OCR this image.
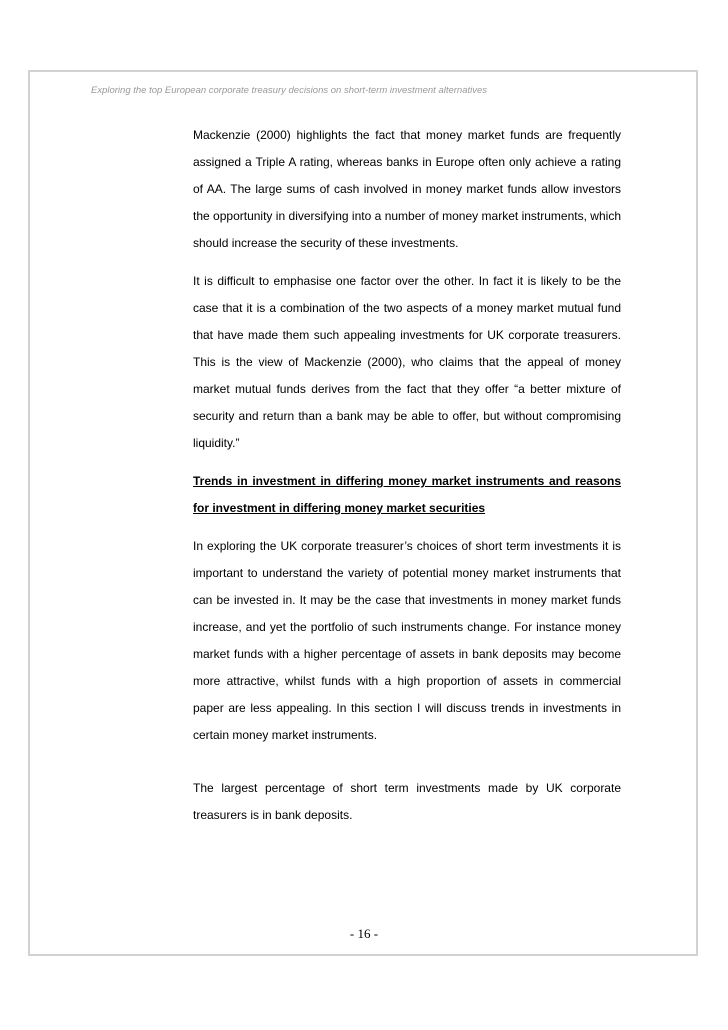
Exploring the top European corporate treasury decisions on short-term investment alternatives

Mackenzie (2000) highlights the fact that money market funds are frequently assigned a Triple A rating, whereas banks in Europe often only achieve a rating of AA. The large sums of cash involved in money market funds allow investors the opportunity in diversifying into a number of money market instruments, which should increase the security of these investments.

It is difficult to emphasise one factor over the other. In fact it is likely to be the case that it is a combination of the two aspects of a money market mutual fund that have made them such appealing investments for UK corporate treasurers. This is the view of Mackenzie (2000), who claims that the appeal of money market mutual funds derives from the fact that they offer “a better mixture of security and return than a bank may be able to offer, but without compromising liquidity.”

Trends in investment in differing money market instruments and reasons for investment in differing money market securities

In exploring the UK corporate treasurer’s choices of short term investments it is important to understand the variety of potential money market instruments that can be invested in. It may be the case that investments in money market funds increase, and yet the portfolio of such instruments change. For instance money market funds with a higher percentage of assets in bank deposits may become more attractive, whilst funds with a high proportion of assets in commercial paper are less appealing. In this section I will discuss trends in investments in certain money market instruments.

The largest percentage of short term investments made by UK corporate treasurers is in bank deposits.

- 16 -
